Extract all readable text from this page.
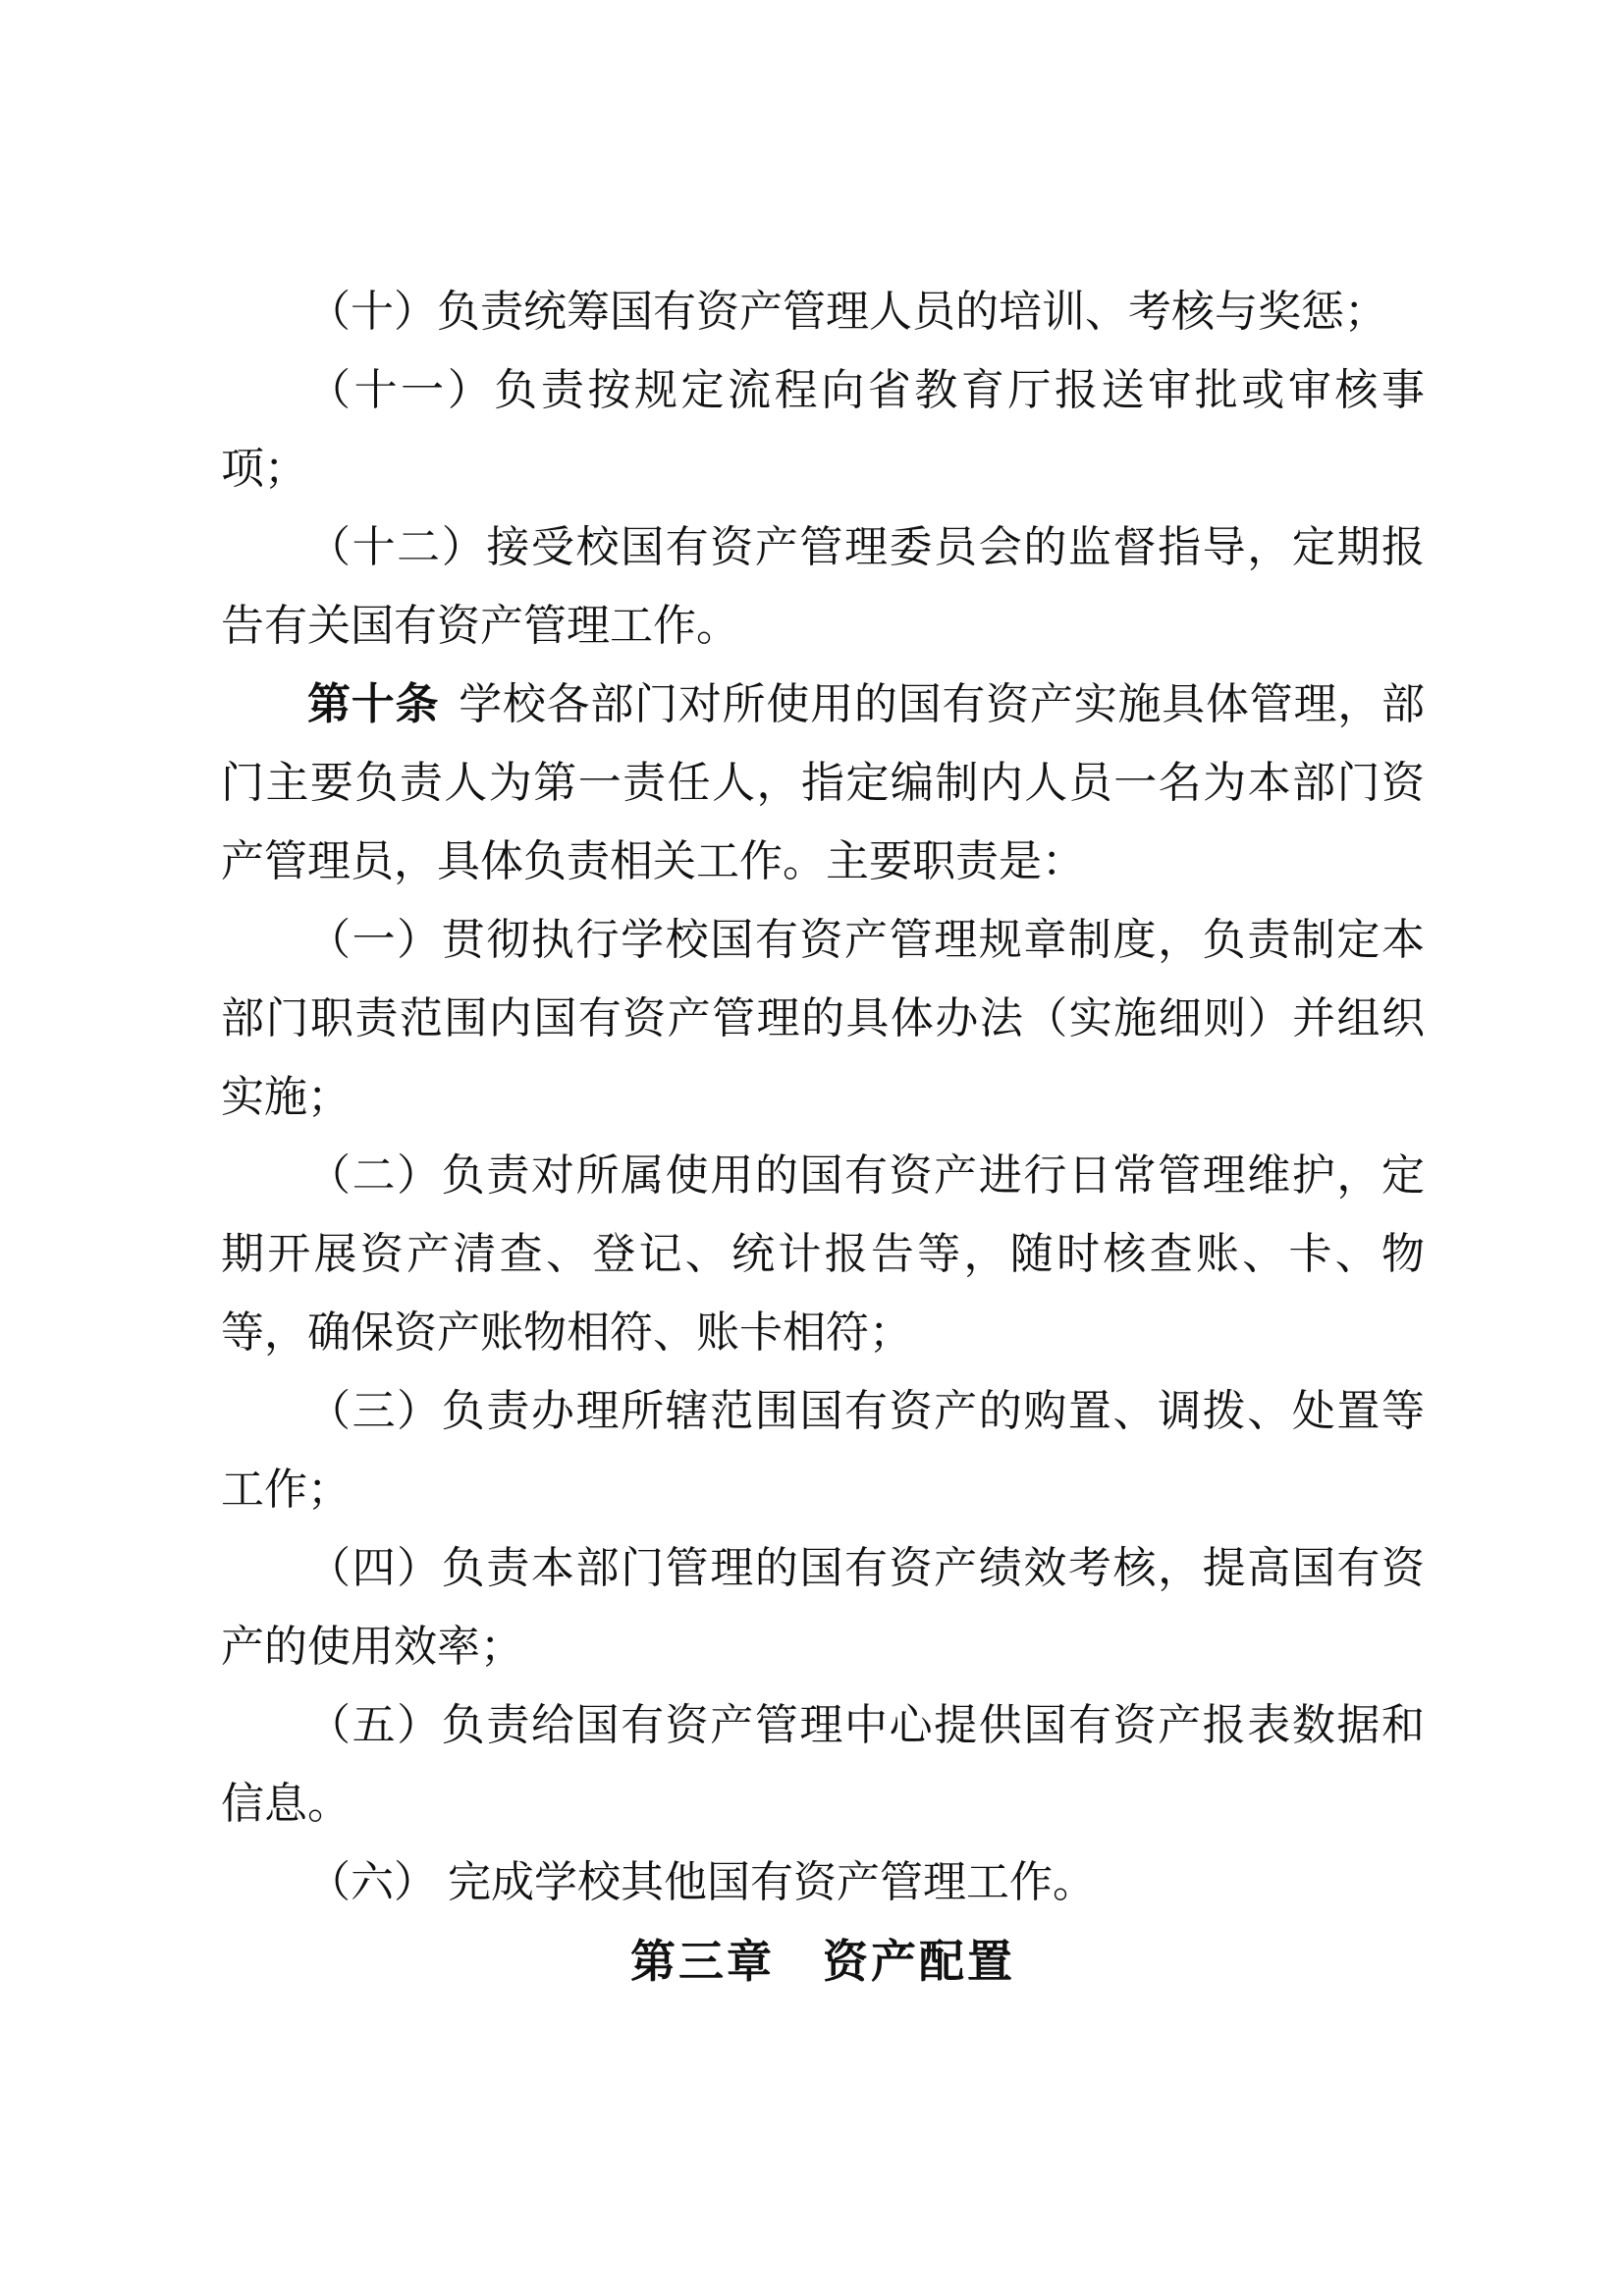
（十）负责统筹国有资产管理人员的培训、考核与奖惩；

（十一）负责按规定流程向省教育厅报送审批或审核事项；

（十二）接受校国有资产管理委员会的监督指导，定期报告有关国有资产管理工作。

第十条 学校各部门对所使用的国有资产实施具体管理，部门主要负责人为第一责任人，指定编制内人员一名为本部门资产管理员，具体负责相关工作。主要职责是：

（一）贯彻执行学校国有资产管理规章制度，负责制定本部门职责范围内国有资产管理的具体办法（实施细则）并组织实施；

（二）负责对所属使用的国有资产进行日常管理维护，定期开展资产清查、登记、统计报告等，随时核查账、卡、物等，确保资产账物相符、账卡相符；

（三）负责办理所辖范围国有资产的购置、调拨、处置等工作；

（四）负责本部门管理的国有资产绩效考核，提高国有资产的使用效率；

（五）负责给国有资产管理中心提供国有资产报表数据和信息。

（六） 完成学校其他国有资产管理工作。

第三章　资产配置
